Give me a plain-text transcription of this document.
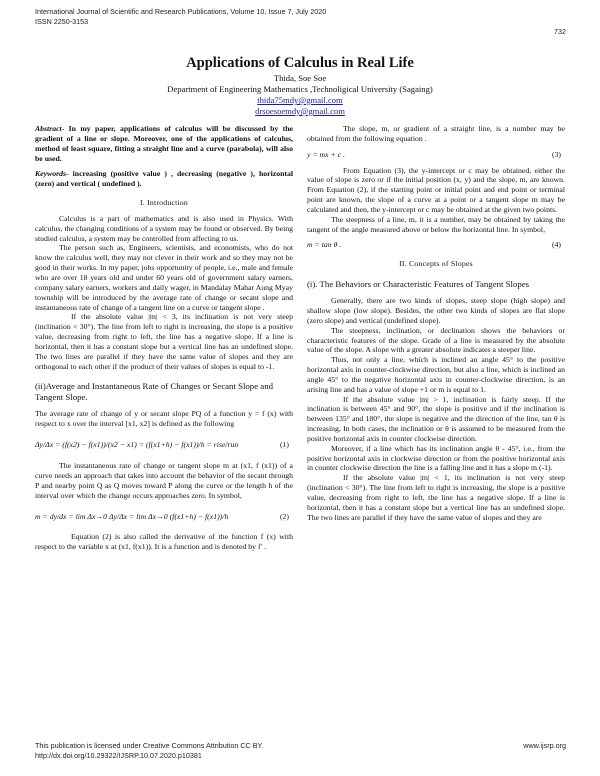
International Journal of Scientific and Research Publications, Volume 10, Issue 7, July 2020
ISSN 2250-3153
732
Applications of Calculus in Real Life
Thida, Soe Soe
Department of Engineering Mathematics ,Technoligical University (Sagaing)
thida75mdy@gmail.com
drsoesoemdy@gmail.com

Abstract- In my paper, applications of calculus will be discussed by the gradient of a line or slope. Moreover, one of the applications of calculus, method of least square, fitting a straight line and a curve (parabola), will also be used.

Keywords- increasing (positive value ) , decreasing (negative ), horizontal (zero) and vertical ( undefined ).

I. Introduction

Calculus is a part of mathematics and is also used in Physics. With calculus, the changing conditions of a system may be found or observed. By being studied calculus, a system may be controlled from affecting to us.

The person such as, Engineers, scientists, and economists, who do not know the calculus well, they may not clever in their work and so they may not be good in their works. In my paper, jobs opportunity of people, i.e., male and female who are over 18 years old and under 60 years old of government salary earners, company salary earners, workers and daily wager, in Mandalay Mahar Aung Myay township will be introduced by the average rate of change or secant slope and instantaneous rate of change of a tangent line on a curve or tangent slope .

If the absolute value |m| < 3, its inclination is not very steep (inclination < 30°). The line from left to right is increasing, the slope is a positive value, decreasing from right to left, the line has a negative slope. If a line is horizontal, then it has a constant slope but a vertical line has an undefined slope. The two lines are parallel if they have the same value of slopes and they are orthogonal to each other if the product of their values of slopes is equal to -1.

(ii)Average and Instantaneous Rate of Changes or Secant Slope and Tangent Slope.

The average rate of change of y or secant slope PQ of a function y = f (x) with respect to x over the interval [x1, x2] is defined as the following

Δy/Δx = (f(x2) − f(x1))/(x2 − x1) = (f(x1+h) − f(x1))/h = rise/run	(1)

The instantaneous rate of change or tangent slope m at (x1, f (x1)) of a curve needs an approach that takes into account the behavior of the secant through P and nearby point Q as Q moves toward P along the curve or the length h of the interval over which the change occurs approaches zero. In symbol,

m = dy/dx = lim Δx→0 Δy/Δx = lim Δx→0 (f(x1+h) − f(x1))/h	(2)

Equation (2) is also called the derivative of the function f (x) with respect to the variable x at (x1, f(x1)). It is a function and is denoted by f′ .

The slope, m, or gradient of a straight line, is a number may be obtained from the following equation .

y = mx + c .	(3)

From Equation (3), the y-intercept or c may be obtained, either the value of slope is zero or if the initial position (x, y) and the slope, m, are known. From Equation (2), if the starting point or initial point and end point or terminal point are known, the slope of a curve at a point or a tangent slope m may be calculated and then, the y-intercept or c may be obtained at the given two points.

The steepness of a line, m, it is a number, may be obtained by taking the tangent of the angle measured above or below the horizontal line. In symbol,

m = tan θ .	(4)

II. Concepts of Slopes

(i). The Behaviors or Characteristic Features of Tangent Slopes

Generally, there are two kinds of slopes, steep slope (high slope) and shallow slope (low slope). Besides, the other two kinds of slopes are flat slope (zero slope) and vertical (undefined slope).

The steepness, inclination, or declination shows the behaviors or characteristic features of the slope. Grade of a line is measured by the absolute value of the slope. A slope with a greater absolute indicates a steeper line.

Thus, not only a line, which is inclined an angle 45° to the positive horizontal axis in counter-clockwise direction, but also a line, which is inclined an angle 45° to the negative horizontal axis in counter-clockwise direction, is an arising line and has a value of slope +1 or m is equal to 1.

If the absolute value |m| > 1, inclination is fairly steep. If the inclination is between 45° and 90°, the slope is positive and if the inclination is between 135° and 180°, the slope is negative and the direction of the line, tan θ is increasing, In both cases, the inclination or θ is assumed to be measured from the positive horizontal axis in counter clockwise direction.

Moreover, if a line which has its inclination angle θ - 45°, i.e., from the positive horizontal axis in clockwise direction or from the positive horizontal axis in counter clockwise direction the line is a falling line and it has a slope m (-1).

If the absolute value |m| < 1, its inclination is not very steep (inclination < 30°). The line from left to right is increasing, the slope is a positive value, decreasing from right to left, the line has a negative slope. If a line is horizontal, then it has a constant slope but a vertical line has an undefined slope. The two lines are parallel if they have the same value of slopes and they are

This publication is licensed under Creative Commons Attribution CC BY.
http://dx.doi.org/10.29322/IJSRP.10.07.2020.p10381
www.ijsrp.org
